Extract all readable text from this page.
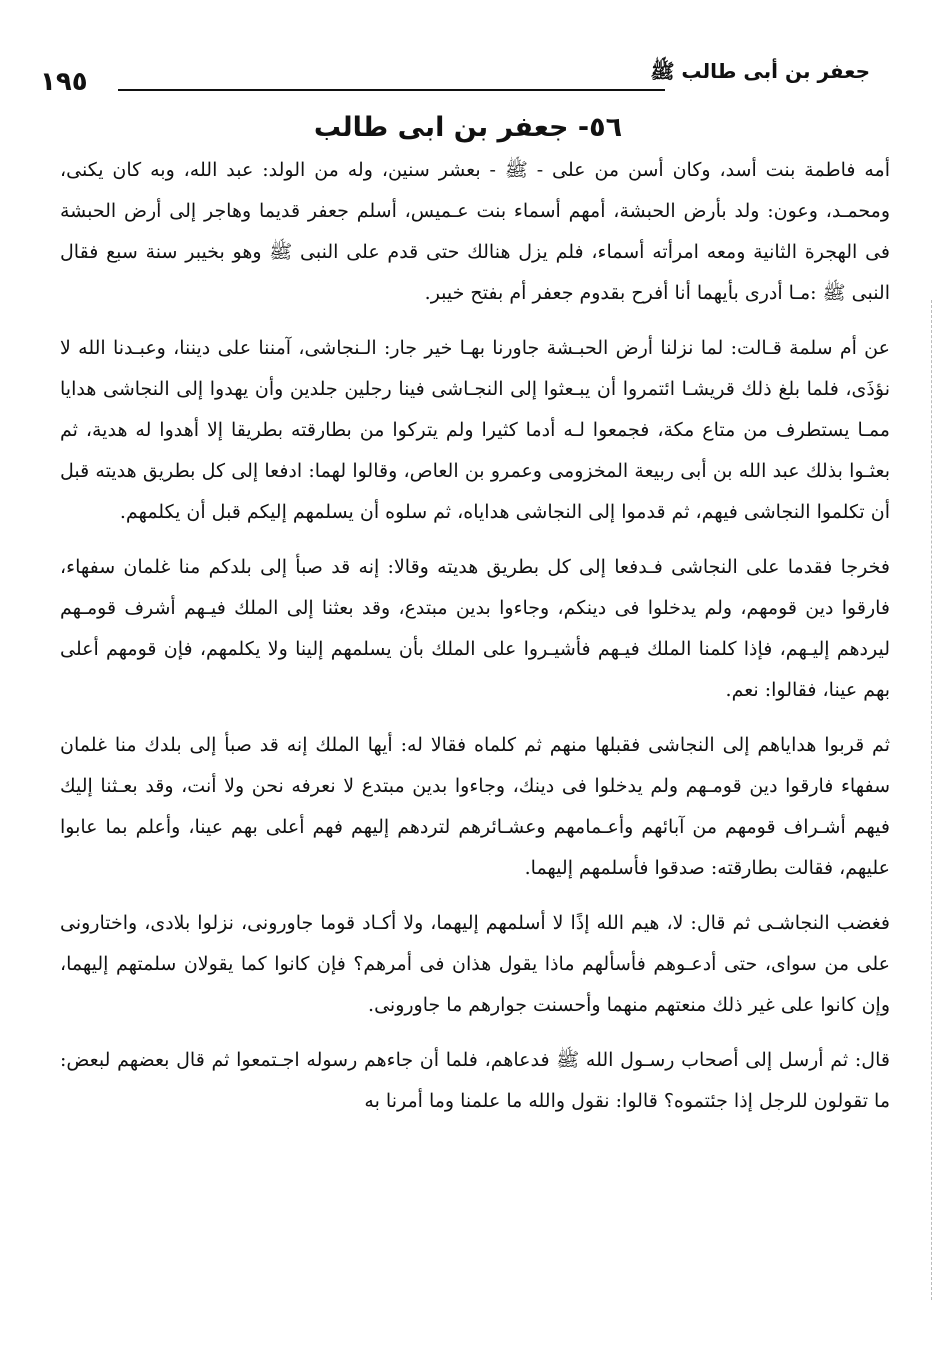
جعفر بن أبى طالب ﷺ
١٩٥
٥٦- جعفر بن ابى طالب

أمه فاطمة بنت أسد، وكان أسن من على - ﷺ - بعشر سنين، وله من الولد: عبد الله، وبه كان يكنى، ومحمـد، وعون: ولد بأرض الحبشة، أمهم أسماء بنت عـميس، أسلم جعفر قديما وهاجر إلى أرض الحبشة فى الهجرة الثانية ومعه امرأته أسماء، فلم يزل هنالك حتى قدم على النبى ﷺ وهو بخيبر سنة سبع فقال النبى ﷺ :مـا أدرى بأيهما أنا أفرح بقدوم جعفر أم بفتح خيبر.

عن أم سلمة قـالت: لما نزلنا أرض الحبـشة جاورنا بهـا خير جار: الـنجاشى، آمننا على ديننا، وعبـدنا الله لا نؤذَى، فلما بلغ ذلك قريشـا ائتمروا أن يبـعثوا إلى النجـاشى فينا رجلين جلدين وأن يهدوا إلى النجاشى هدايا ممـا يستطرف من متاع مكة، فجمعوا لـه أدما كثيرا ولم يتركوا من بطارقته بطريقا إلا أهدوا له هدية، ثم بعثـوا بذلك عبد الله بن أبى ربيعة المخزومى وعمرو بن العاص، وقالوا لهما: ادفعا إلى كل بطريق هديته قبل أن تكلموا النجاشى فيهم، ثم قدموا إلى النجاشى هداياه، ثم سلوه أن يسلمهم إليكم قبل أن يكلمهم.

فخرجا فقدما على النجاشى فـدفعا إلى كل بطريق هديته وقالا: إنه قد صبأ إلى بلدكم منا غلمان سفهاء، فارقوا دين قومهم، ولم يدخلوا فى دينكم، وجاءوا بدين مبتدع، وقد بعثنا إلى الملك فيـهم أشرف قومـهم ليردهم إليـهم، فإذا كلمنا الملك فيـهم فأشيـروا على الملك بأن يسلمهم إلينا ولا يكلمهم، فإن قومهم أعلى بهم عينا، فقالوا: نعم.

ثم قربوا هداياهم إلى النجاشى فقبلها منهم ثم كلماه فقالا له: أيها الملك إنه قد صبأ إلى بلدك منا غلمان سفهاء فارقوا دين قومـهم ولم يدخلوا فى دينك، وجاءوا بدين مبتدع لا نعرفه نحن ولا أنت، وقد بعـثنا إليك فيهم أشـراف قومهم من آبائهم وأعـمامهم وعشـائرهم لتردهم إليهم فهم أعلى بهم عينا، وأعلم بما عابوا عليهم، فقالت بطارقته: صدقوا فأسلمهم إليهما.

فغضب النجاشـى ثم قال: لا، هيم الله إذًا لا أسلمهم إليهما، ولا أكـاد قوما جاورونى، نزلوا بلادى، واختارونى على من سواى، حتى أدعـوهم فأسألهم ماذا يقول هذان فى أمرهم؟ فإن كانوا كما يقولان سلمتهم إليهما، وإن كانوا على غير ذلك منعتهم منهما وأحسنت جوارهم ما جاورونى.

قال: ثم أرسل إلى أصحاب رسـول الله ﷺ فدعاهم، فلما أن جاءهم رسوله اجـتمعوا ثم قال بعضهم لبعض: ما تقولون للرجل إذا جئتموه؟ قالوا: نقول والله ما علمنا وما أمرنا به
